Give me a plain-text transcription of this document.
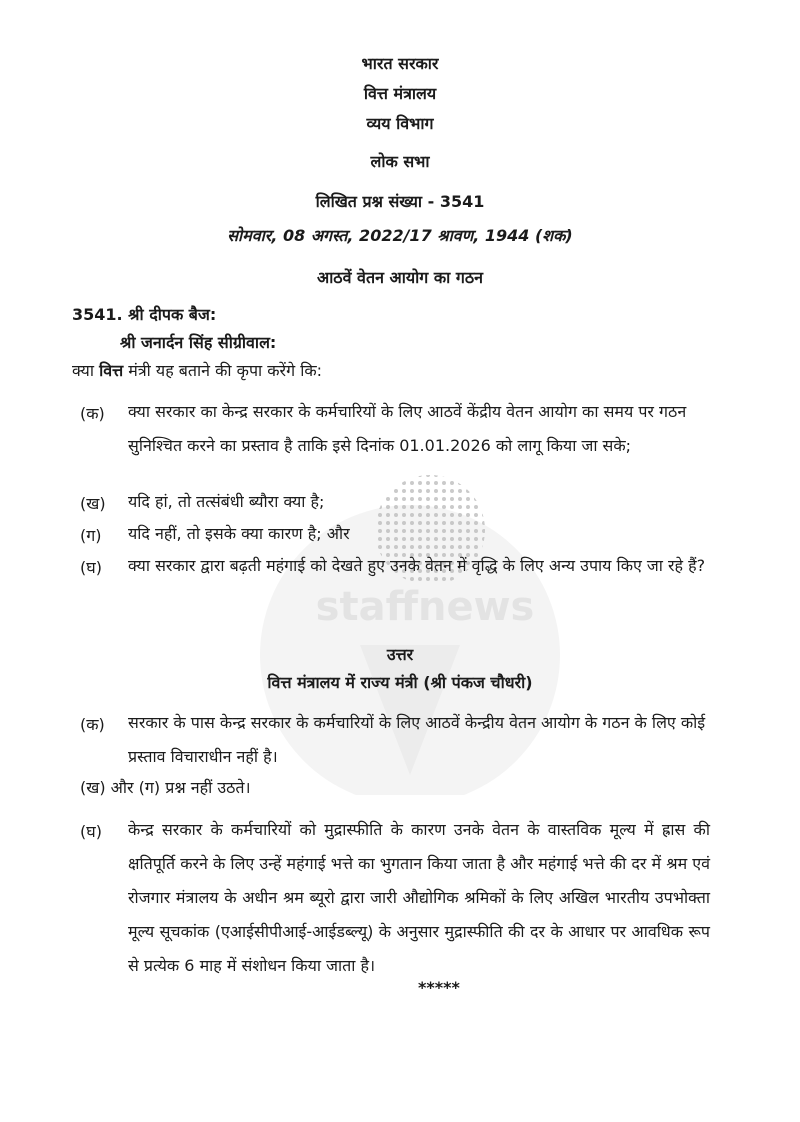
staffnews
भारत सरकार
वित्त मंत्रालय
व्यय विभाग
लोक सभा
लिखित प्रश्न संख्या - 3541
सोमवार, 08 अगस्त, 2022/17 श्रावण, 1944 (शक)
आठवें वेतन आयोग का गठन
3541. श्री दीपक बैज:
श्री जनार्दन सिंह सीग्रीवाल:
क्या वित्त मंत्री यह बताने की कृपा करेंगे कि:
(क) क्या सरकार का केन्द्र सरकार के कर्मचारियों के लिए आठवें केंद्रीय वेतन आयोग का समय पर गठन सुनिश्चित करने का प्रस्ताव है ताकि इसे दिनांक 01.01.2026 को लागू किया जा सके;
(ख) यदि हां, तो तत्संबंधी ब्यौरा क्या है;
(ग) यदि नहीं, तो इसके क्या कारण है; और
(घ) क्या सरकार द्वारा बढ़ती महंगाई को देखते हुए उनके वेतन में वृद्धि के लिए अन्य उपाय किए जा रहे हैं?
उत्तर
वित्त मंत्रालय में राज्य मंत्री (श्री पंकज चौधरी)
(क) सरकार के पास केन्द्र सरकार के कर्मचारियों के लिए आठवें केन्द्रीय वेतन आयोग के गठन के लिए कोई प्रस्ताव विचाराधीन नहीं है।
(ख) और (ग) प्रश्न नहीं उठते।
(घ) केन्द्र सरकार के कर्मचारियों को मुद्रास्फीति के कारण उनके वेतन के वास्तविक मूल्य में ह्रास की क्षतिपूर्ति करने के लिए उन्हें महंगाई भत्ते का भुगतान किया जाता है और महंगाई भत्ते की दर में श्रम एवं रोजगार मंत्रालय के अधीन श्रम ब्यूरो द्वारा जारी औद्योगिक श्रमिकों के लिए अखिल भारतीय उपभोक्ता मूल्य सूचकांक (एआईसीपीआई-आईडब्ल्यू) के अनुसार मुद्रास्फीति की दर के आधार पर आवधिक रूप से प्रत्येक 6 माह में संशोधन किया जाता है।
*****
